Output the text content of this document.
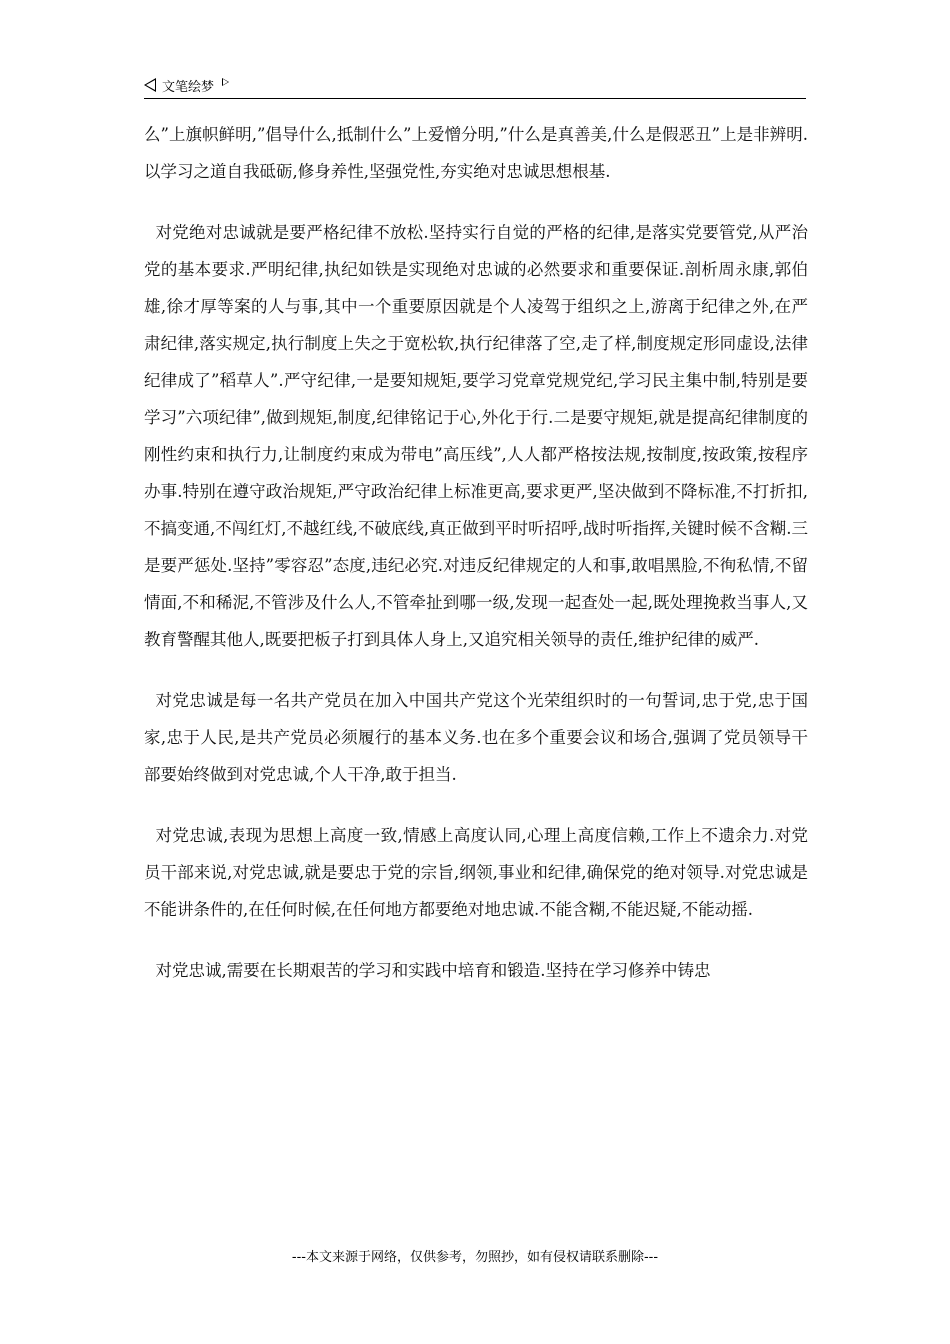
文笔绘梦

么”上旗帜鲜明,”倡导什么,抵制什么”上爱憎分明,”什么是真善美,什么是假恶丑”上是非辨明.以学习之道自我砥砺,修身养性,坚强党性,夯实绝对忠诚思想根基.

对党绝对忠诚就是要严格纪律不放松.坚持实行自觉的严格的纪律,是落实党要管党,从严治党的基本要求.严明纪律,执纪如铁是实现绝对忠诚的必然要求和重要保证.剖析周永康,郭伯雄,徐才厚等案的人与事,其中一个重要原因就是个人凌驾于组织之上,游离于纪律之外,在严肃纪律,落实规定,执行制度上失之于宽松软,执行纪律落了空,走了样,制度规定形同虚设,法律纪律成了”稻草人”.严守纪律,一是要知规矩,要学习党章党规党纪,学习民主集中制,特别是要学习”六项纪律”,做到规矩,制度,纪律铭记于心,外化于行.二是要守规矩,就是提高纪律制度的刚性约束和执行力,让制度约束成为带电”高压线”,人人都严格按法规,按制度,按政策,按程序办事.特别在遵守政治规矩,严守政治纪律上标准更高,要求更严,坚决做到不降标准,不打折扣,不搞变通,不闯红灯,不越红线,不破底线,真正做到平时听招呼,战时听指挥,关键时候不含糊.三是要严惩处.坚持”零容忍”态度,违纪必究.对违反纪律规定的人和事,敢唱黑脸,不徇私情,不留情面,不和稀泥,不管涉及什么人,不管牵扯到哪一级,发现一起查处一起,既处理挽救当事人,又教育警醒其他人,既要把板子打到具体人身上,又追究相关领导的责任,维护纪律的威严.

对党忠诚是每一名共产党员在加入中国共产党这个光荣组织时的一句誓词,忠于党,忠于国家,忠于人民,是共产党员必须履行的基本义务.也在多个重要会议和场合,强调了党员领导干部要始终做到对党忠诚,个人干净,敢于担当.

对党忠诚,表现为思想上高度一致,情感上高度认同,心理上高度信赖,工作上不遗余力.对党员干部来说,对党忠诚,就是要忠于党的宗旨,纲领,事业和纪律,确保党的绝对领导.对党忠诚是不能讲条件的,在任何时候,在任何地方都要绝对地忠诚.不能含糊,不能迟疑,不能动摇.

对党忠诚,需要在长期艰苦的学习和实践中培育和锻造.坚持在学习修养中铸忠

---本文来源于网络，仅供参考，勿照抄，如有侵权请联系删除---
